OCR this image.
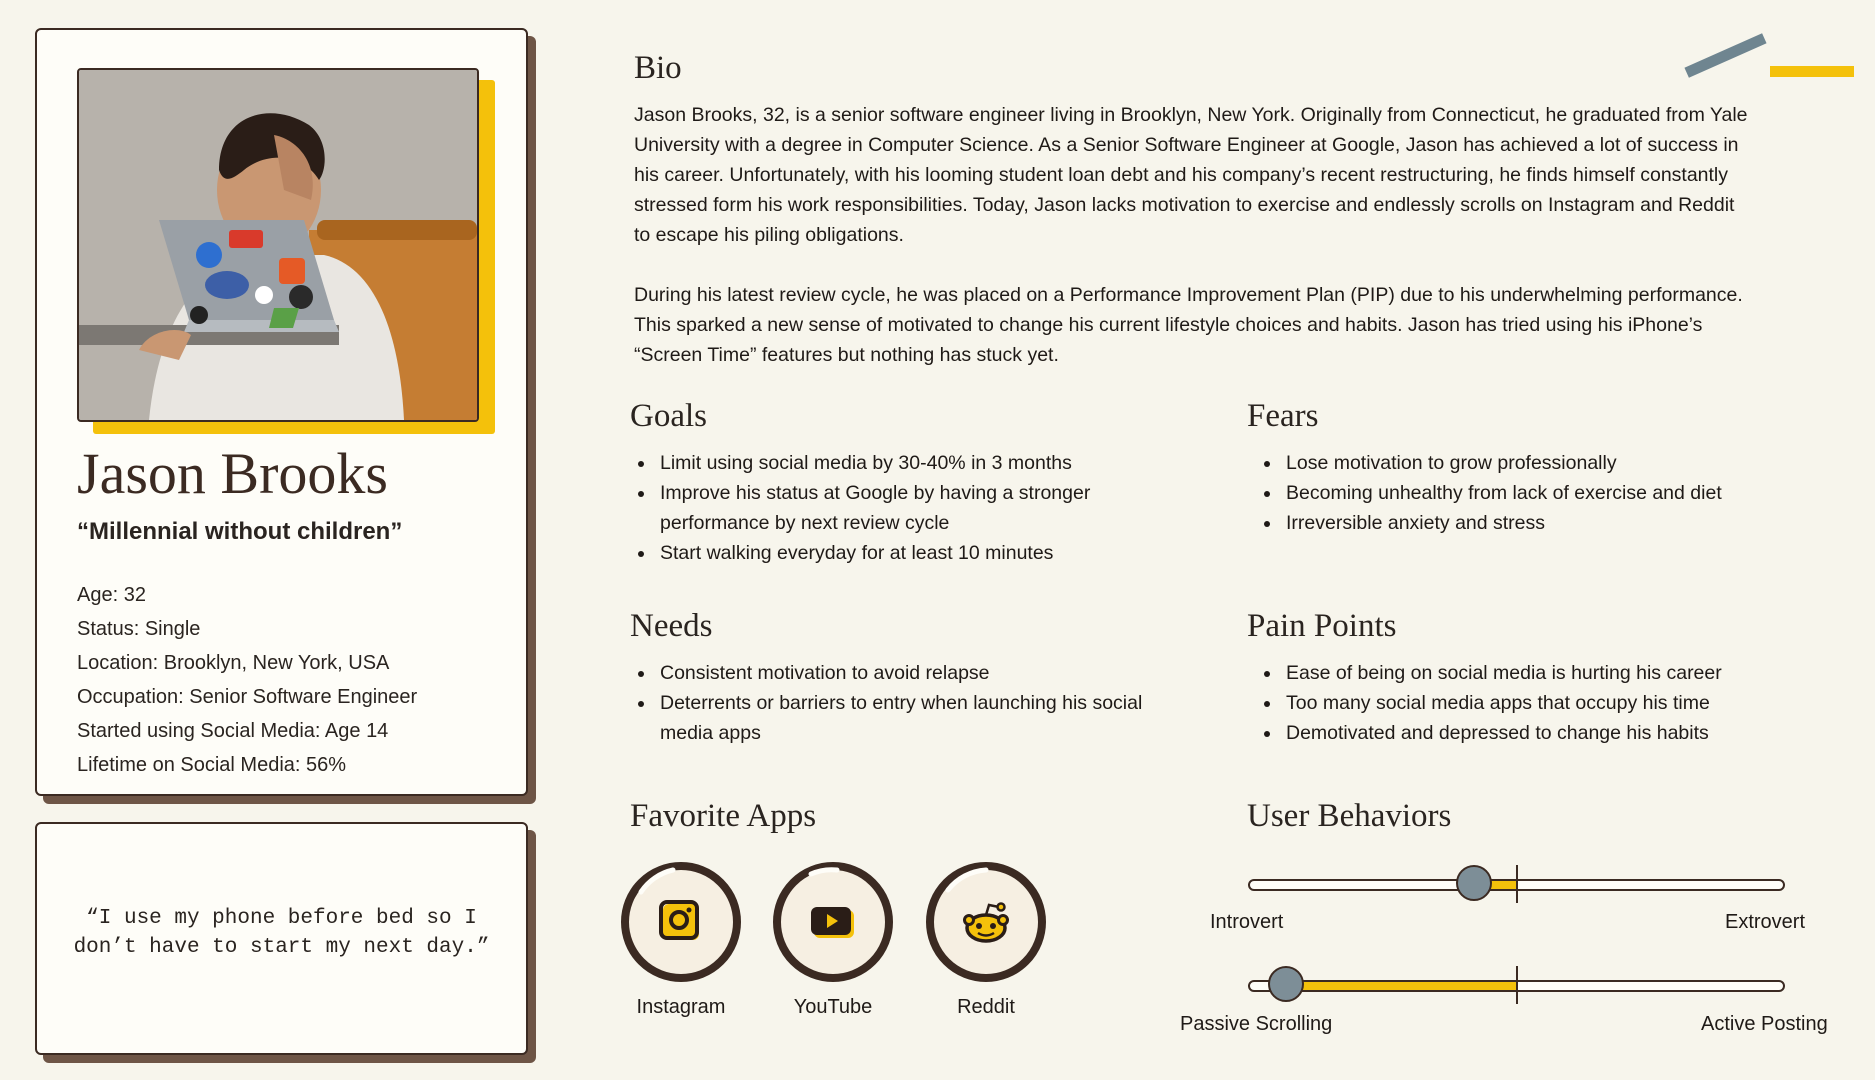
Jason Brooks
“Millennial without children”
Age: 32
Status: Single
Location: Brooklyn, New York, USA
Occupation: Senior Software Engineer
Started using Social Media: Age 14
Lifetime on Social Media: 56%
“I use my phone before bed so I don’t have to start my next day.”
Bio

Jason Brooks, 32, is a senior software engineer living in Brooklyn, New York. Originally from Connecticut, he graduated from Yale University with a degree in Computer Science. As a Senior Software Engineer at Google, Jason has achieved a lot of success in his career. Unfortunately, with his looming student loan debt and his company’s recent restructuring, he finds himself constantly stressed form his work responsibilities. Today, Jason lacks motivation to exercise and endlessly scrolls on Instagram and Reddit to escape his piling obligations.

During his latest review cycle, he was placed on a Performance Improvement Plan (PIP) due to his underwhelming performance. This sparked a new sense of motivated to change his current lifestyle choices and habits. Jason has tried using his iPhone’s “Screen Time” features but nothing has stuck yet.

Goals
• Limit using social media by 30-40% in 3 months
• Improve his status at Google by having a stronger performance by next review cycle
• Start walking everyday for at least 10 minutes
Fears
• Lose motivation to grow professionally
• Becoming unhealthy from lack of exercise and diet
• Irreversible anxiety and stress
Needs
• Consistent motivation to avoid relapse
• Deterrents or barriers to entry when launching his social media apps
Pain Points
• Ease of being on social media is hurting his career
• Too many social media apps that occupy his time
• Demotivated and depressed to change his habits
Favorite Apps
Instagram	YouTube	Reddit
User Behaviors
Introvert	Extrovert
Passive Scrolling	Active Posting
